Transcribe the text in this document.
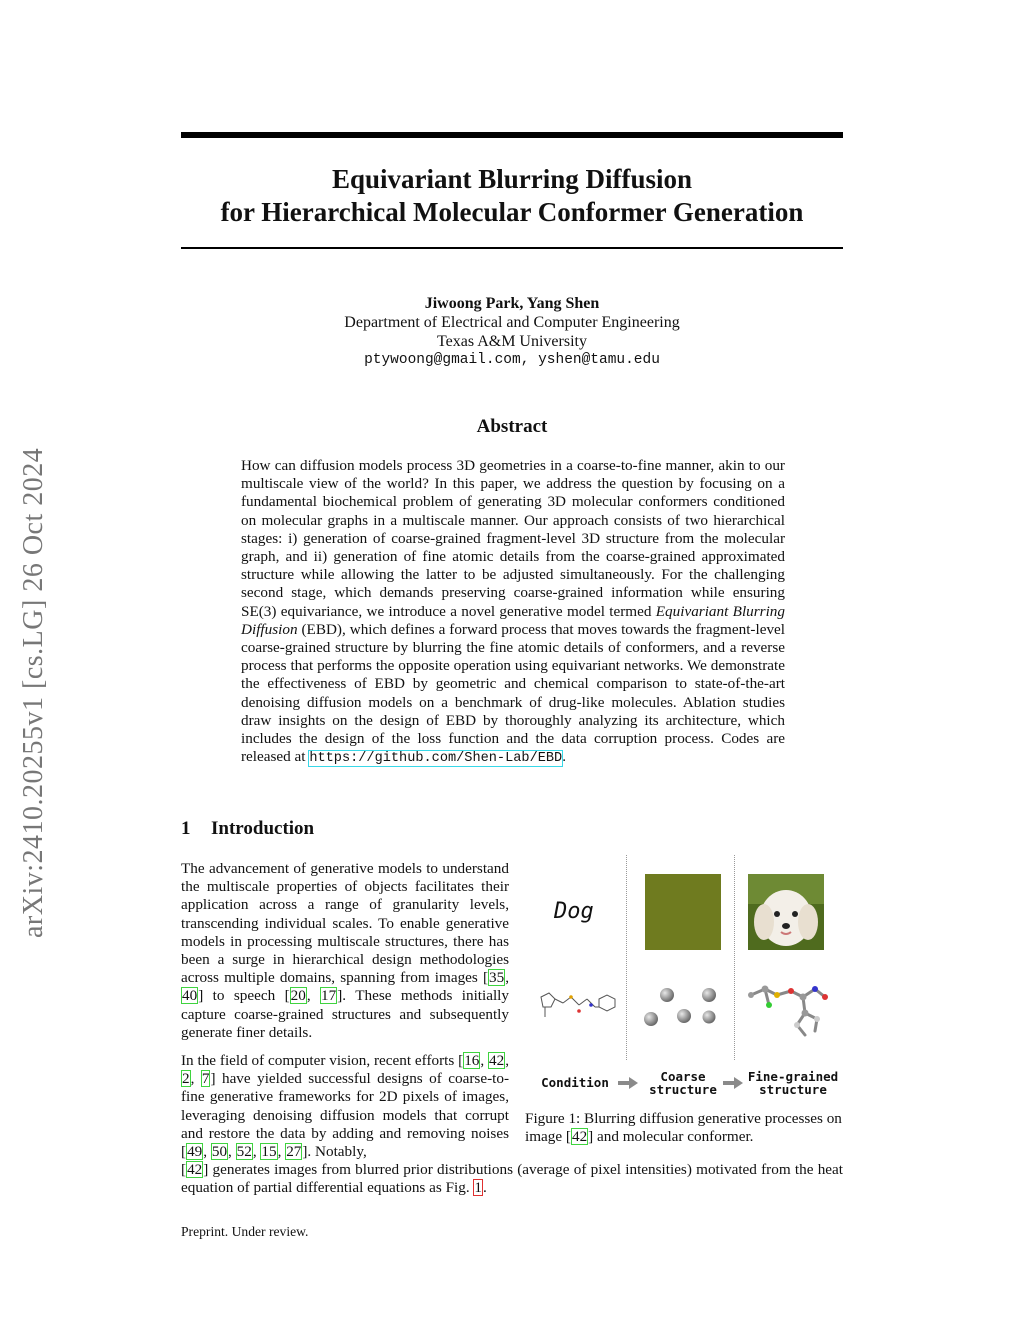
arXiv:2410.20255v1 [cs.LG] 26 Oct 2024
Equivariant Blurring Diffusion
for Hierarchical Molecular Conformer Generation
Jiwoong Park, Yang Shen
Department of Electrical and Computer Engineering
Texas A&M University
ptywoong@gmail.com, yshen@tamu.edu
Abstract
How can diffusion models process 3D geometries in a coarse-to-fine manner, akin to our multiscale view of the world? In this paper, we address the question by focusing on a fundamental biochemical problem of generating 3D molecular conformers conditioned on molecular graphs in a multiscale manner. Our approach consists of two hierarchical stages: i) generation of coarse-grained fragment-level 3D structure from the molecular graph, and ii) generation of fine atomic details from the coarse-grained approximated structure while allowing the latter to be adjusted simultaneously. For the challenging second stage, which demands preserving coarse-grained information while ensuring SE(3) equivariance, we introduce a novel generative model termed Equivariant Blurring Diffusion (EBD), which defines a forward process that moves towards the fragment-level coarse-grained structure by blurring the fine atomic details of conformers, and a reverse process that performs the opposite operation using equivariant networks. We demonstrate the effectiveness of EBD by geometric and chemical comparison to state-of-the-art denoising diffusion models on a benchmark of drug-like molecules. Ablation studies draw insights on the design of EBD by thoroughly analyzing its architecture, which includes the design of the loss function and the data corruption process. Codes are released at https://github.com/Shen-Lab/EBD.
1 Introduction
The advancement of generative models to understand the multiscale properties of objects facilitates their application across a range of granularity levels, transcending individual scales. To enable generative models in processing multiscale structures, there has been a surge in hierarchical design methodologies across multiple domains, spanning from images [35, 40] to speech [20, 17]. These methods initially capture coarse-grained structures and subsequently generate finer details.
In the field of computer vision, recent efforts [16, 42, 2, 7] have yielded successful designs of coarse-to-fine generative frameworks for 2D pixels of images, leveraging denoising diffusion models that corrupt and restore the data by adding and removing noises [49, 50, 52, 15, 27]. Notably,
[42] generates images from blurred prior distributions (average of pixel intensities) motivated from the heat equation of partial differential equations as Fig. 1.
Dog
Condition	Coarse
structure
Fine-grained
structure
Figure 1: Blurring diffusion generative processes on image [42] and molecular conformer.
Preprint. Under review.
